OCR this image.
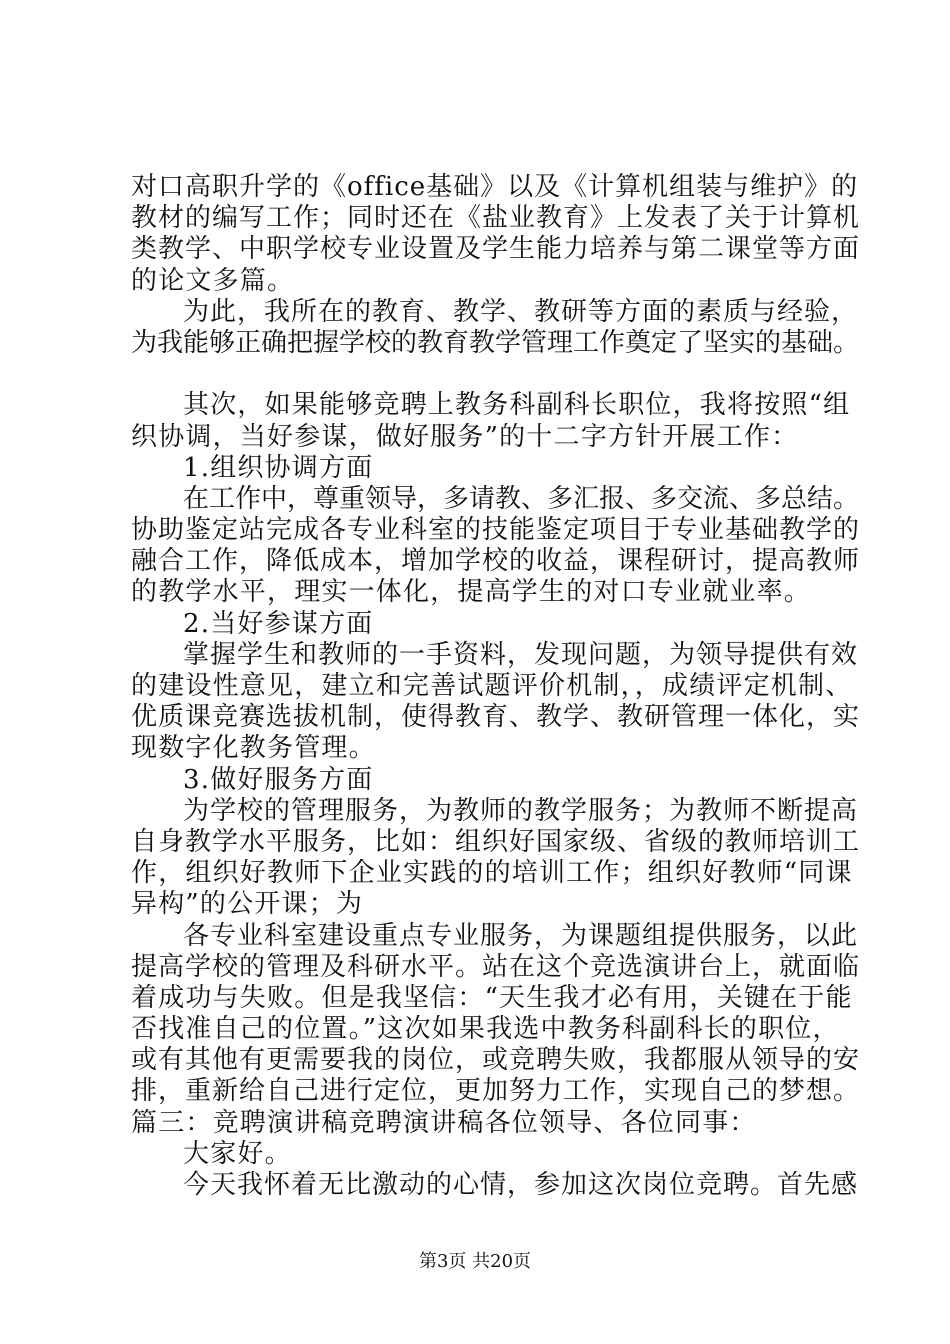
对口高职升学的《office基础》以及《计算机组装与维护》的
教材的编写工作；同时还在《盐业教育》上发表了关于计算机
类教学、中职学校专业设置及学生能力培养与第二课堂等方面
的论文多篇。
为此，我所在的教育、教学、教研等方面的素质与经验，
为我能够正确把握学校的教育教学管理工作奠定了坚实的基础。
其次，如果能够竞聘上教务科副科长职位，我将按照“组
织协调，当好参谋，做好服务”的十二字方针开展工作：
1.组织协调方面
在工作中，尊重领导，多请教、多汇报、多交流、多总结。
协助鉴定站完成各专业科室的技能鉴定项目于专业基础教学的
融合工作，降低成本，增加学校的收益，课程研讨，提高教师
的教学水平，理实一体化，提高学生的对口专业就业率。
2.当好参谋方面
掌握学生和教师的一手资料，发现问题，为领导提供有效
的建设性意见，建立和完善试题评价机制，，成绩评定机制、
优质课竞赛选拔机制，使得教育、教学、教研管理一体化，实
现数字化教务管理。
3.做好服务方面
为学校的管理服务，为教师的教学服务；为教师不断提高
自身教学水平服务，比如：组织好国家级、省级的教师培训工
作，组织好教师下企业实践的的培训工作；组织好教师“同课
异构”的公开课；为
各专业科室建设重点专业服务，为课题组提供服务，以此
提高学校的管理及科研水平。站在这个竞选演讲台上，就面临
着成功与失败。但是我坚信：“天生我才必有用，关键在于能
否找准自己的位置。”这次如果我选中教务科副科长的职位，
或有其他有更需要我的岗位，或竞聘失败，我都服从领导的安
排，重新给自己进行定位，更加努力工作，实现自己的梦想。
篇三：竞聘演讲稿竞聘演讲稿各位领导、各位同事：
大家好。
今天我怀着无比激动的心情，参加这次岗位竞聘。首先感
第3页 共20页
